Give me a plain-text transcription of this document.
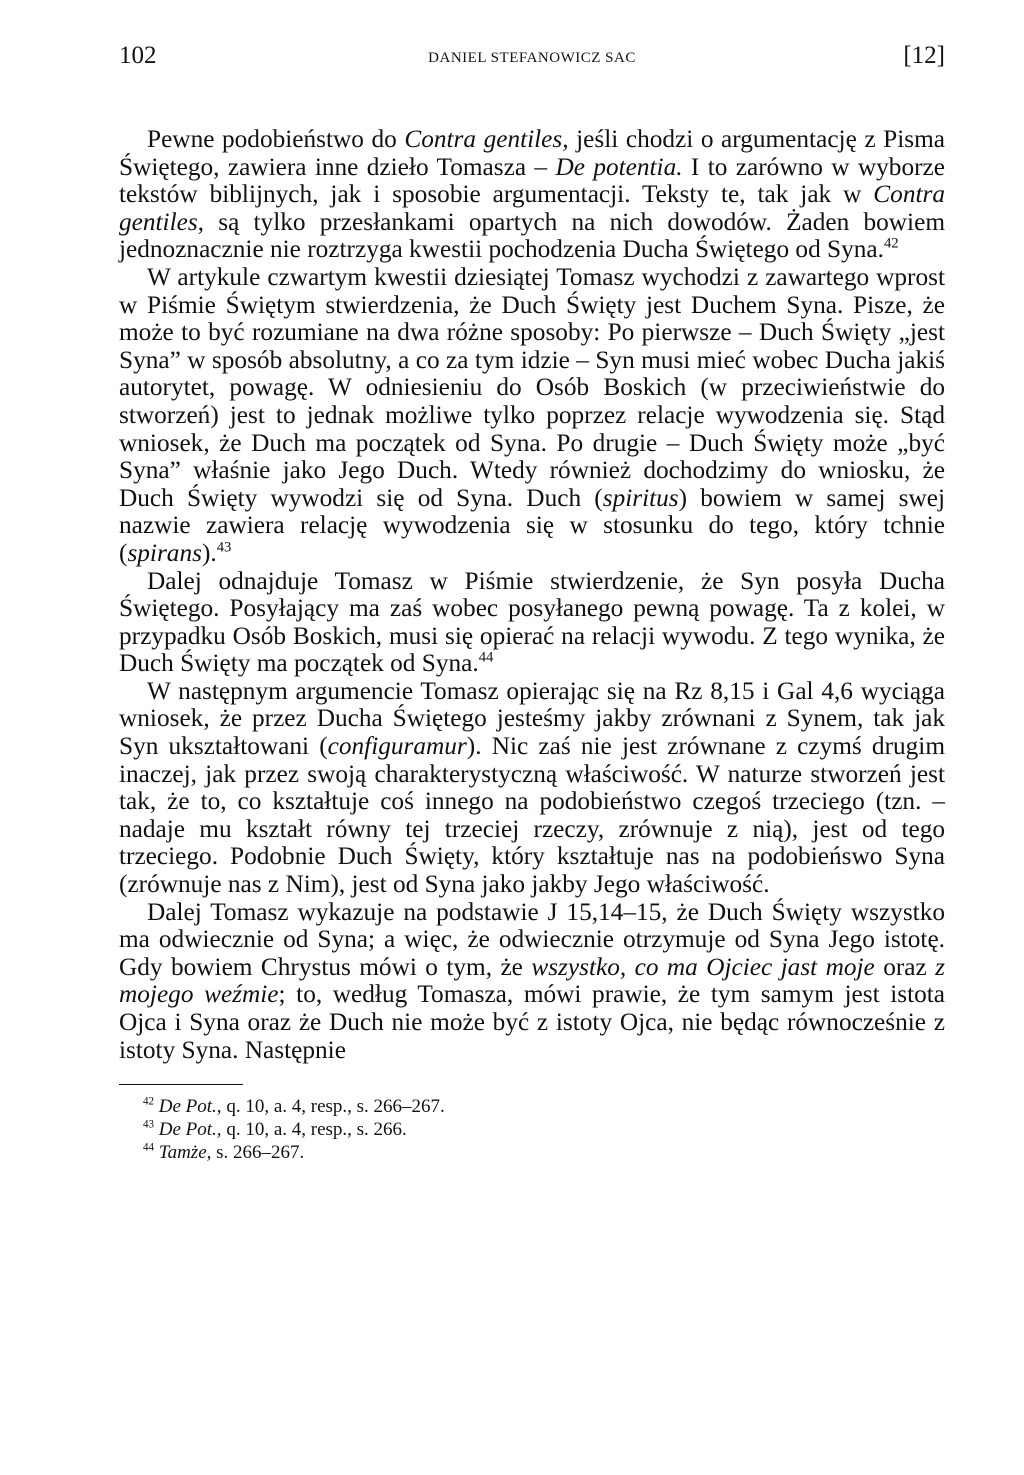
102	DANIEL STEFANOWICZ SAC	[12]

Pewne podobieństwo do Contra gentiles, jeśli chodzi o argumentację z Pisma Świętego, zawiera inne dzieło Tomasza – De potentia. I to zarówno w wyborze tekstów biblijnych, jak i sposobie argumentacji. Teksty te, tak jak w Contra gentiles, są tylko przesłankami opartych na nich dowodów. Żaden bowiem jednoznacznie nie roztrzyga kwestii pochodzenia Ducha Świętego od Syna.$^{42}$

W artykule czwartym kwestii dziesiątej Tomasz wychodzi z zawartego wprost w Piśmie Świętym stwierdzenia, że Duch Święty jest Duchem Syna. Pisze, że może to być rozumiane na dwa różne sposoby: Po pierwsze – Duch Święty „jest Syna” w sposób absolutny, a co za tym idzie – Syn musi mieć wobec Ducha jakiś autorytet, powagę. W odniesieniu do Osób Boskich (w przeciwieństwie do stworzeń) jest to jednak możliwe tylko poprzez relacje wywodzenia się. Stąd wniosek, że Duch ma początek od Syna. Po drugie – Duch Święty może „być Syna” właśnie jako Jego Duch. Wtedy również dochodzimy do wniosku, że Duch Święty wywodzi się od Syna. Duch (spiritus) bowiem w samej swej nazwie zawiera relację wywodzenia się w stosunku do tego, który tchnie (spirans).$^{43}$

Dalej odnajduje Tomasz w Piśmie stwierdzenie, że Syn posyła Ducha Świętego. Posyłający ma zaś wobec posyłanego pewną powagę. Ta z kolei, w przypadku Osób Boskich, musi się opierać na relacji wywodu. Z tego wynika, że Duch Święty ma początek od Syna.$^{44}$

W następnym argumencie Tomasz opierając się na Rz 8,15 i Gal 4,6 wyciąga wniosek, że przez Ducha Świętego jesteśmy jakby zrównani z Synem, tak jak Syn ukształtowani (configuramur). Nic zaś nie jest zrównane z czymś drugim inaczej, jak przez swoją charakterystyczną właściwość. W naturze stworzeń jest tak, że to, co kształtuje coś innego na podobieństwo czegoś trzeciego (tzn. – nadaje mu kształt równy tej trzeciej rzeczy, zrównuje z nią), jest od tego trzeciego. Podobnie Duch Święty, który kształtuje nas na podobieńswo Syna (zrównuje nas z Nim), jest od Syna jako jakby Jego właściwość.

Dalej Tomasz wykazuje na podstawie J 15,14–15, że Duch Święty wszystko ma odwiecznie od Syna; a więc, że odwiecznie otrzymuje od Syna Jego istotę. Gdy bowiem Chrystus mówi o tym, że wszystko, co ma Ojciec jast moje oraz z mojego weźmie; to, według Tomasza, mówi prawie, że tym samym jest istota Ojca i Syna oraz że Duch nie może być z istoty Ojca, nie będąc równocześnie z istoty Syna. Następnie

$^{42}$ De Pot., q. 10, a. 4, resp., s. 266–267.
$^{43}$ De Pot., q. 10, a. 4, resp., s. 266.
$^{44}$ Tamże, s. 266–267.
